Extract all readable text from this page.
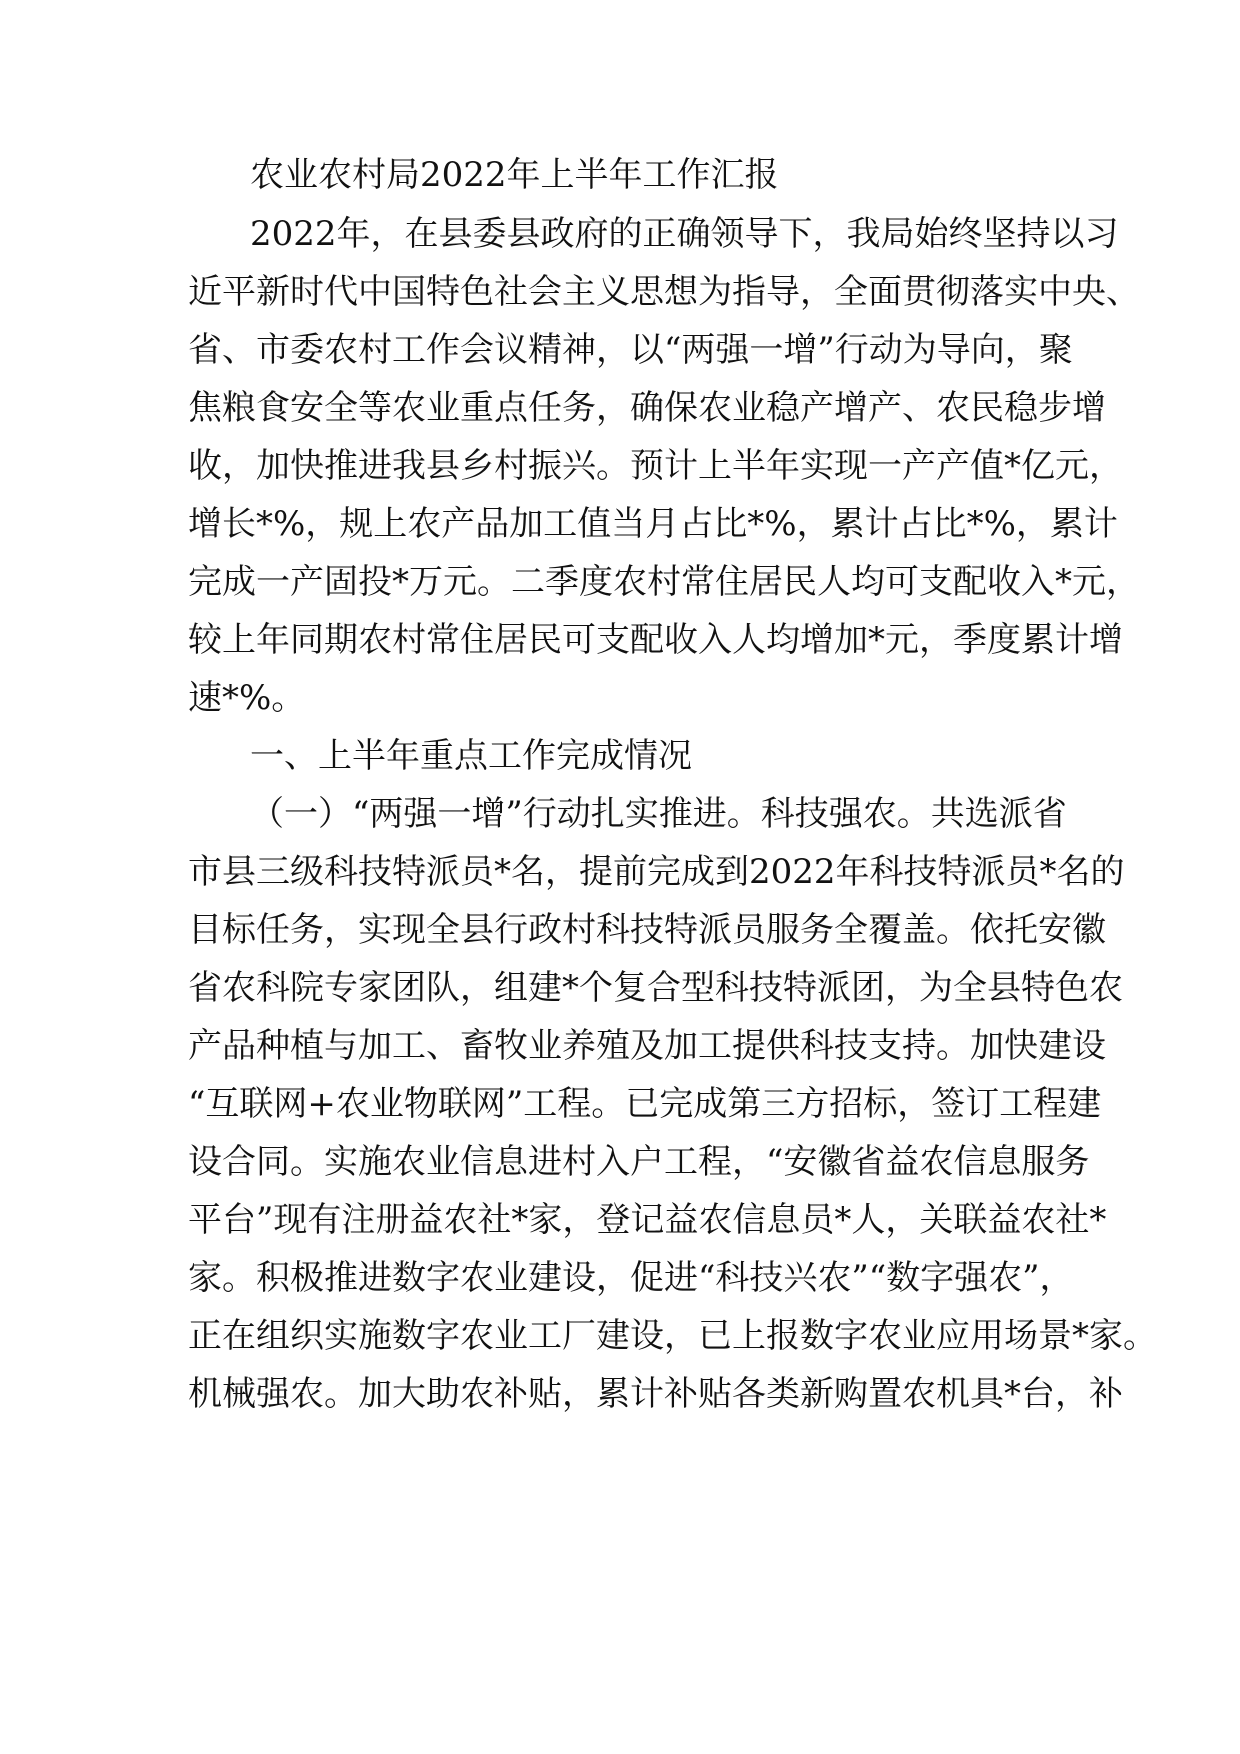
农业农村局2022年上半年工作汇报

2022年，在县委县政府的正确领导下，我局始终坚持以习

近平新时代中国特色社会主义思想为指导，全面贯彻落实中央、

省、市委农村工作会议精神，以“两强一增”行动为导向，聚

焦粮食安全等农业重点任务，确保农业稳产增产、农民稳步增

收，加快推进我县乡村振兴。预计上半年实现一产产值*亿元，

增长*%，规上农产品加工值当月占比*%，累计占比*%，累计

完成一产固投*万元。二季度农村常住居民人均可支配收入*元，

较上年同期农村常住居民可支配收入人均增加*元，季度累计增

速*%。

一、上半年重点工作完成情况

（一）“两强一增”行动扎实推进。科技强农。共选派省

市县三级科技特派员*名，提前完成到2022年科技特派员*名的

目标任务，实现全县行政村科技特派员服务全覆盖。依托安徽

省农科院专家团队，组建*个复合型科技特派团，为全县特色农

产品种植与加工、畜牧业养殖及加工提供科技支持。加快建设

“互联网+农业物联网”工程。已完成第三方招标，签订工程建

设合同。实施农业信息进村入户工程，“安徽省益农信息服务

平台”现有注册益农社*家，登记益农信息员*人，关联益农社*

家。积极推进数字农业建设，促进“科技兴农”“数字强农”，

正在组织实施数字农业工厂建设，已上报数字农业应用场景*家。

机械强农。加大助农补贴，累计补贴各类新购置农机具*台，补
